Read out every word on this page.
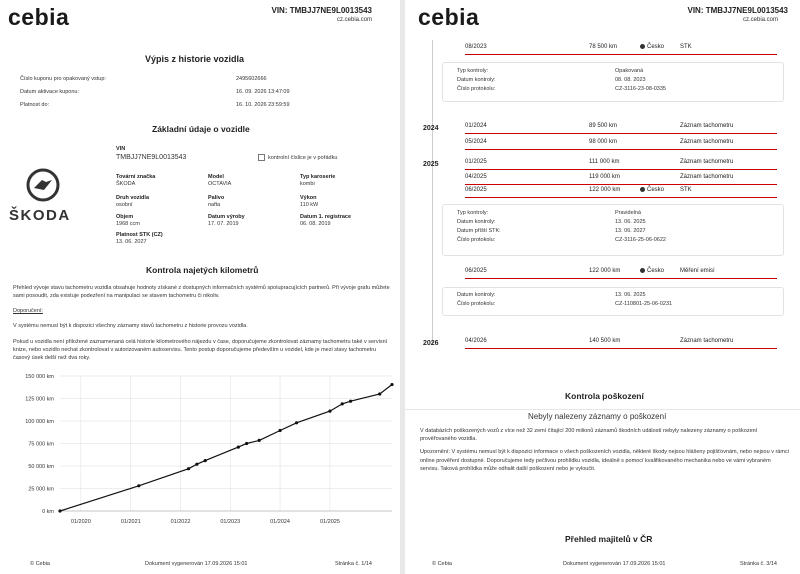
cebia	VIN: TMBJJ7NE9L0013543
cz.cebia.com
Výpis z historie vozidla
Číslo kuponu pro opakovaný vstup:	2495602666
Datum aktivace kuponu:	16. 09. 2026 13:47:09
Platnost do:	16. 10. 2026 23:59:59
Základní údaje o vozidle
ŠKODA
VIN
TMBJJ7NE9L0013543	kontrolní číslice je v pořádku
Tovární značka
ŠKODA
Model
OCTAVIA
Typ karoserie
kombi
Druh vozidla
osobní
Palivo
nafta
Výkon
110 kW
Objem
1968 ccm
Datum výroby
17. 07. 2019
Datum 1. registrace
06. 08. 2019
Platnost STK (CZ)
13. 06. 2027
Kontrola najetých kilometrů
Přehled vývoje stavu tachometru vozidla obsahuje hodnoty získané z dostupných informačních systémů spolupracujících partnerů. Při vývoje grafu můžete sami posoudit, zda existuje podezření na manipulaci se stavem tachometru či nikoliv.
Doporučení:
V systému nemusí být k dispozici všechny záznamy stavů tachometru z historie provozu vozidla.
Pokud u vozidla není přiložené zaznamenaná celá historie kilometrového nájezdu v čase, doporučujeme zkontrolovat záznamy tachometru také v servisní knize, nebo vozidlo nechat zkontrolovat v autorizovaném autoservisu. Tento postup doporučujeme především u vozidel, kde je mezi stavy tachometru časový úsek delší než dva roky.
0 km
25 000 km
50 000 km
75 000 km
100 000 km
125 000 km
150 000 km
01/2020	01/2021	01/2022	01/2023	01/2024	01/2025
© Cebia	Dokument vygenerován 17.09.2026 15:01	Stránka č. 1/14
cebia	VIN: TMBJJ7NE9L0013543
cz.cebia.com
08/2023	78 500 km	Česko	STK
2024	01/2024	89 500 km	Záznam tachometru
05/2024	98 000 km	Záznam tachometru
2025	01/2025	111 000 km	Záznam tachometru
04/2025	119 000 km	Záznam tachometru
06/2025	122 000 km	Česko	STK
06/2025	122 000 km	Česko	Měření emisí
2026	04/2026	140 500 km	Záznam tachometru
Typ kontroly:	Opakovaná
Datum kontroly:	08. 08. 2023
Číslo protokolu:	CZ-3116-23-08-0335
Typ kontroly:	Pravidelná
Datum kontroly:	13. 06. 2025
Datum příští STK:	13. 06. 2027
Číslo protokolu:	CZ-3116-25-06-0622
Datum kontroly:	13. 06. 2025
Číslo protokolu:	CZ-110801-25-06-0231
Kontrola poškození
Nebyly nalezeny záznamy o poškození
V databázích poškozených vozů z více než 32 zemí čítající 200 milionů záznamů škodních událostí nebyly nalezeny záznamy o poškození prověřovaného vozidla.
Upozornění: V systému nemusí být k dispozici informace o všech poškozeních vozidla, některé škody nejsou hlášeny pojišťovnám, nebo nejsou v rámci online prověření dostupné. Doporučujeme tedy pečlivou prohlídku vozidla, ideálně s pomocí kvalifikovaného mechanika nebo ve vámi vybraném servisu. Taková prohlídka může odhalit další poškození nebo je vyloučit.
Přehled majitelů v ČR
© Cebia	Dokument vygenerován 17.09.2026 15:01	Stránka č. 3/14
